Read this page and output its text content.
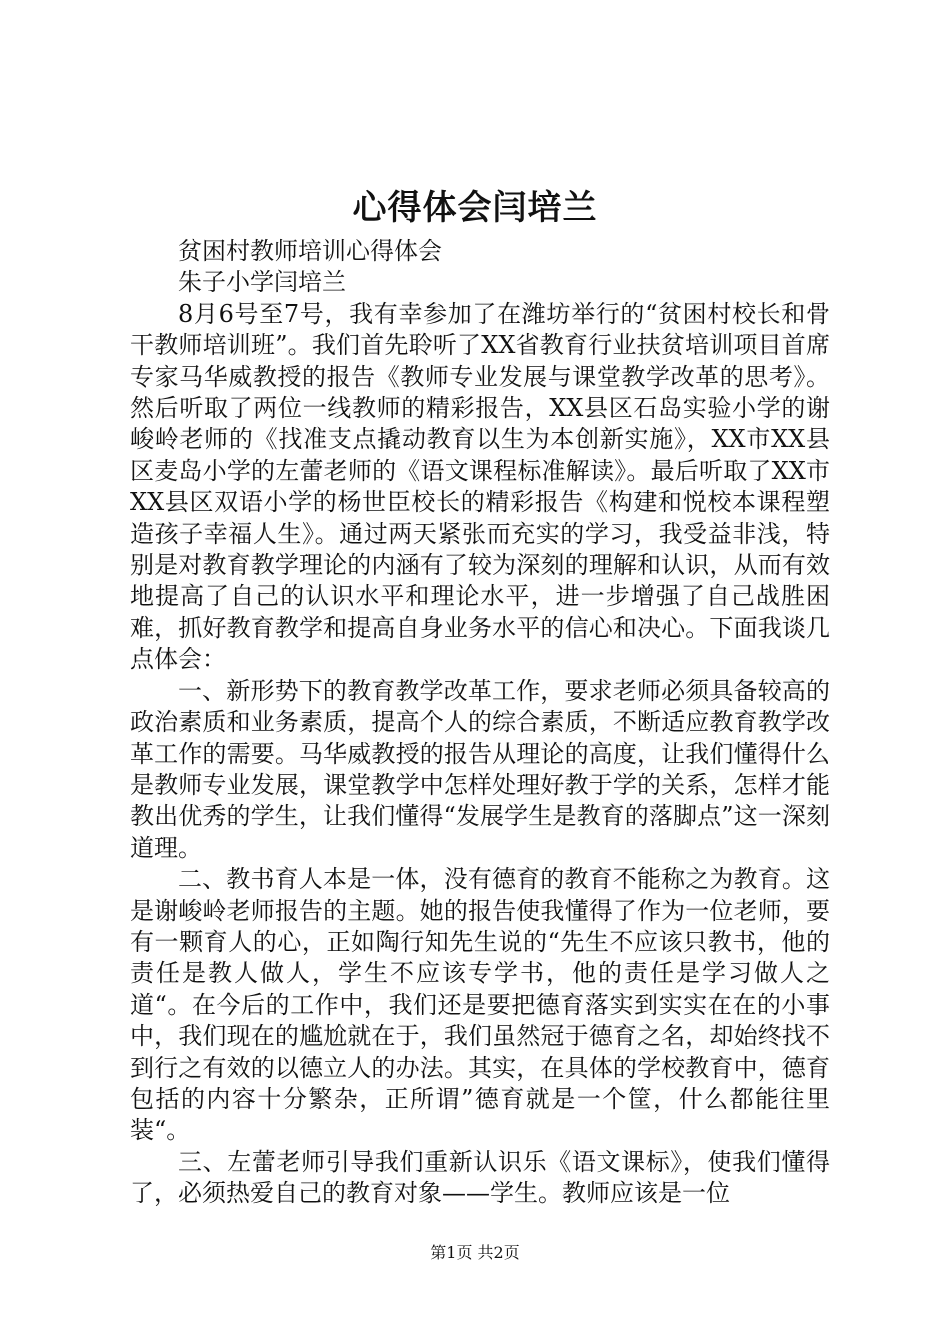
心得体会闫培兰

贫困村教师培训心得体会

朱子小学闫培兰

8月6号至7号，我有幸参加了在潍坊举行的“贫困村校长和骨干教师培训班”。我们首先聆听了XX省教育行业扶贫培训项目首席专家马华威教授的报告《教师专业发展与课堂教学改革的思考》。然后听取了两位一线教师的精彩报告，XX县区石岛实验小学的谢峻岭老师的《找准支点撬动教育以生为本创新实施》，XX市XX县区麦岛小学的左蕾老师的《语文课程标准解读》。最后听取了XX市XX县区双语小学的杨世臣校长的精彩报告《构建和悦校本课程塑造孩子幸福人生》。通过两天紧张而充实的学习，我受益非浅，特别是对教育教学理论的内涵有了较为深刻的理解和认识，从而有效地提高了自己的认识水平和理论水平，进一步增强了自己战胜困难，抓好教育教学和提高自身业务水平的信心和决心。下面我谈几点体会：

一、新形势下的教育教学改革工作，要求老师必须具备较高的政治素质和业务素质，提高个人的综合素质，不断适应教育教学改革工作的需要。马华威教授的报告从理论的高度，让我们懂得什么是教师专业发展，课堂教学中怎样处理好教于学的关系，怎样才能教出优秀的学生，让我们懂得“发展学生是教育的落脚点”这一深刻道理。

二、教书育人本是一体，没有德育的教育不能称之为教育。这是谢峻岭老师报告的主题。她的报告使我懂得了作为一位老师，要有一颗育人的心，正如陶行知先生说的“先生不应该只教书，他的责任是教人做人，学生不应该专学书，他的责任是学习做人之道“。在今后的工作中，我们还是要把德育落实到实实在在的小事中，我们现在的尴尬就在于，我们虽然冠于德育之名，却始终找不到行之有效的以德立人的办法。其实，在具体的学校教育中，德育包括的内容十分繁杂，正所谓”德育就是一个筐，什么都能往里装“。

三、左蕾老师引导我们重新认识乐《语文课标》，使我们懂得了，必须热爱自己的教育对象——学生。教师应该是一位

第1页 共2页
